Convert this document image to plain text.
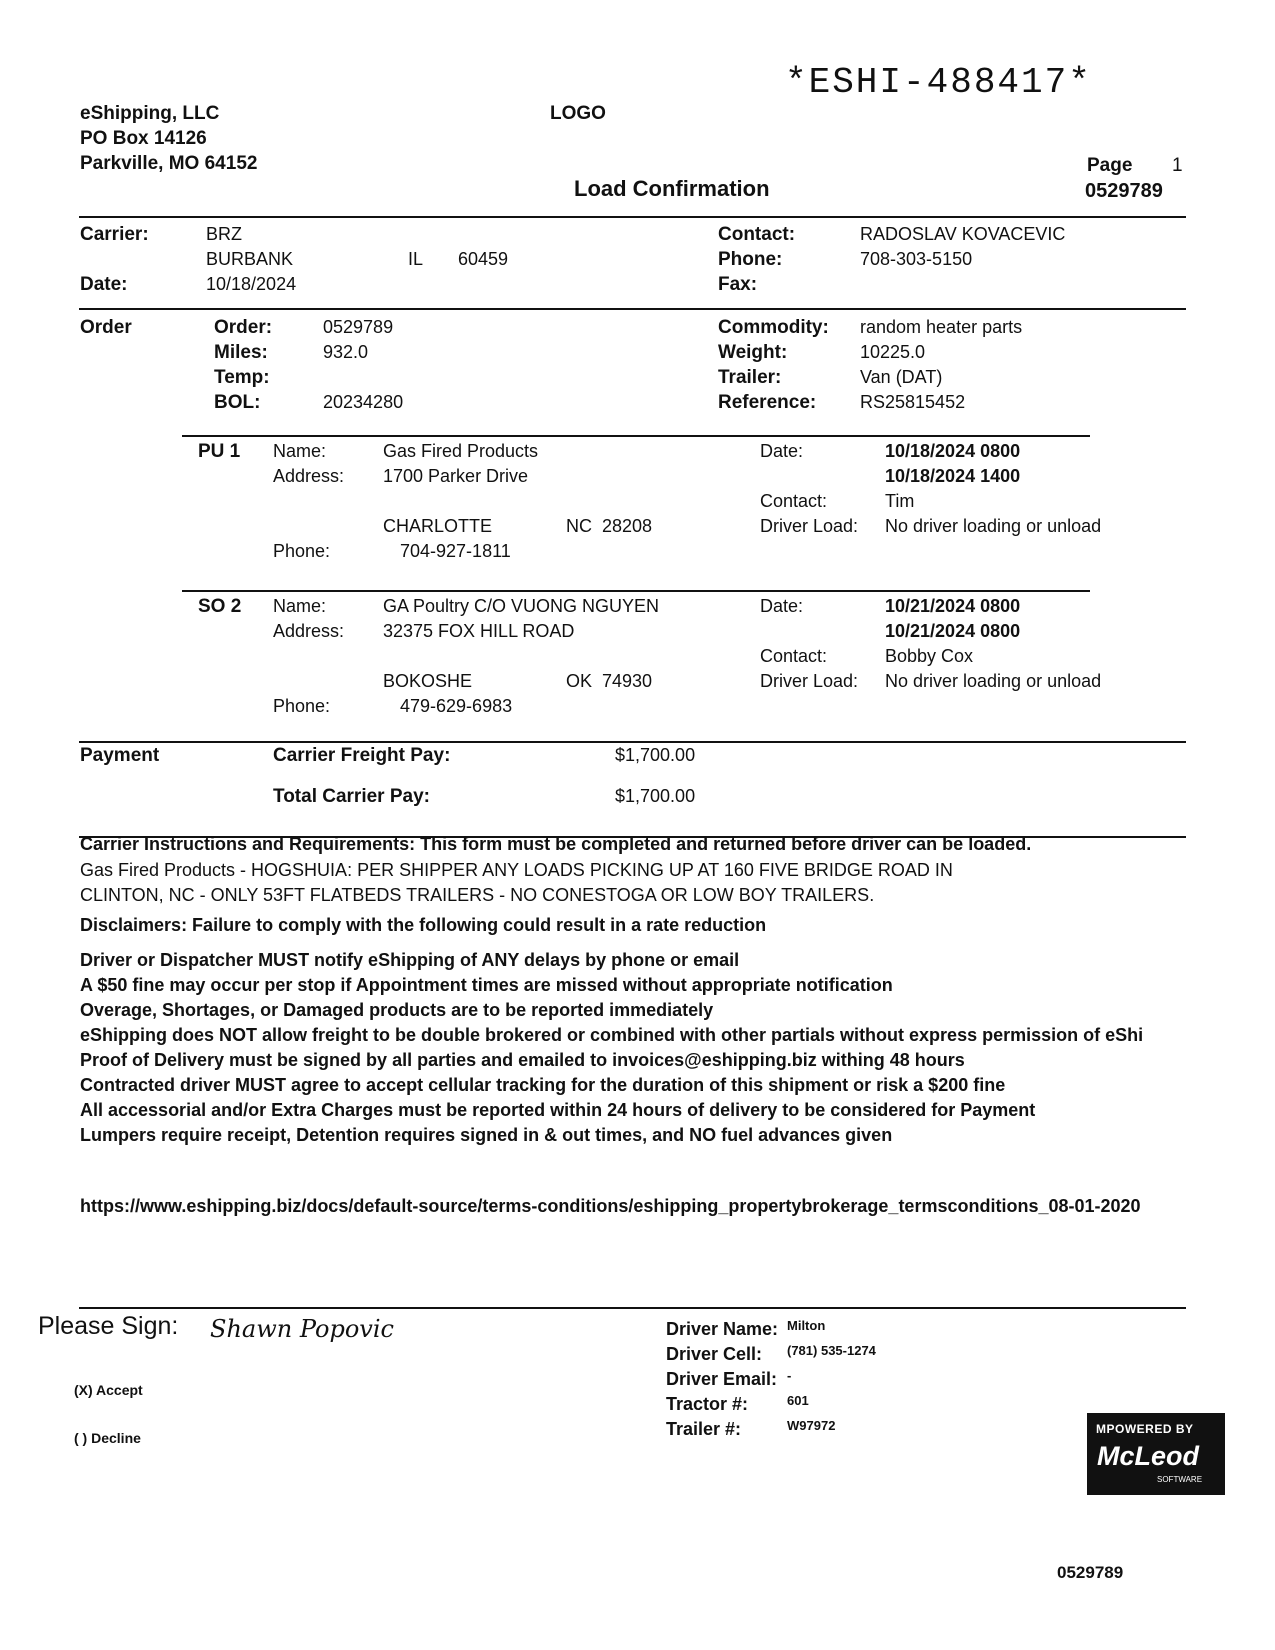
*ESHI-488417*
eShipping, LLC
PO Box 14126
Parkville, MO 64152
LOGO
Load Confirmation
Page 1
0529789
Carrier:	BRZ
BURBANK	IL 60459
Date:	10/18/2024
Contact:	RADOSLAV KOVACEVIC
Phone:	708-303-5150
Fax:
Order	Order:	0529789
Miles:	932.0
Temp:
BOL:	20234280
Commodity: random heater parts
Weight:	10225.0
Trailer:	Van (DAT)
Reference: RS25815452
PU 1 Name:	Gas Fired Products
Address: 1700 Parker Drive
CHARLOTTE	NC  28208
Phone:	704-927-1811
Date:	10/18/2024 0800
10/18/2024 1400
Contact:	Tim
Driver Load: No driver loading or unload
SO 2 Name:	GA Poultry C/O VUONG NGUYEN
Address: 32375 FOX HILL ROAD
BOKOSHE	OK  74930
Phone:	479-629-6983
Date:	10/21/2024 0800
10/21/2024 0800
Contact:	Bobby Cox
Driver Load: No driver loading or unload
Payment	Carrier Freight Pay:	$1,700.00
Total Carrier Pay:	$1,700.00
Carrier Instructions and Requirements: This form must be completed and returned before driver can be loaded.
Gas Fired Products - HOGSHUIA: PER SHIPPER ANY LOADS PICKING UP AT 160 FIVE BRIDGE ROAD IN
CLINTON, NC - ONLY 53FT FLATBEDS TRAILERS - NO CONESTOGA OR LOW BOY TRAILERS.
Disclaimers: Failure to comply with the following could result in a rate reduction
Driver or Dispatcher MUST notify eShipping of ANY delays by phone or email
A $50 fine may occur per stop if Appointment times are missed without appropriate notification
Overage, Shortages, or Damaged products are to be reported immediately
eShipping does NOT allow freight to be double brokered or combined with other partials without express permission of eShi
Proof of Delivery must be signed by all parties and emailed to invoices@eshipping.biz withing 48 hours
Contracted driver MUST agree to accept cellular tracking for the duration of this shipment or risk a $200 fine
All accessorial and/or Extra Charges must be reported within 24 hours of delivery to be considered for Payment
Lumpers require receipt, Detention requires signed in & out times, and NO fuel advances given
https://www.eshipping.biz/docs/default-source/terms-conditions/eshipping_propertybrokerage_termsconditions_08-01-2020
Please Sign: Shawn Popovic
(X) Accept
( ) Decline
Driver Name: Milton
Driver Cell: (781) 535-1274
Driver Email: -
Tractor #:	601
Trailer #:	W97972	MPOWERED BY
McLeod
SOFTWARE
0529789
